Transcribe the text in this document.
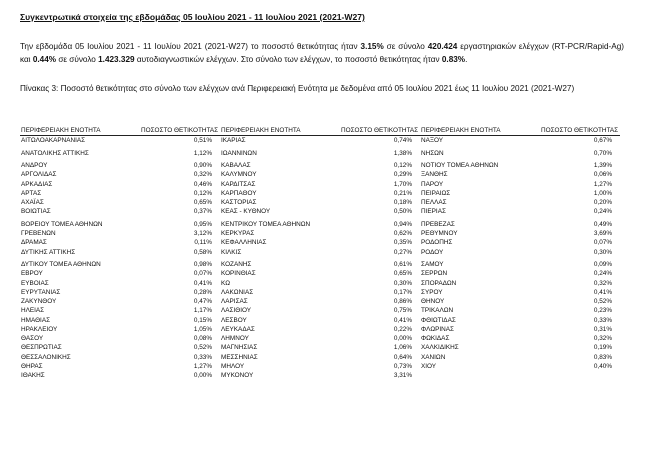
Συγκεντρωτικά στοιχεία της εβδομάδας 05 Ιουλίου 2021 - 11 Ιουλίου 2021 (2021-W27)
Την εβδομάδα 05 Ιουλίου 2021 - 11 Ιουλίου 2021 (2021-W27) το ποσοστό θετικότητας ήταν 3.15% σε σύνολο 420.424 εργαστηριακών ελέγχων (RT-PCR/Rapid-Ag) και 0.44% σε σύνολο 1.423.329 αυτοδιαγνωστικών ελέγχων. Στο σύνολο των ελέγχων, το ποσοστό θετικότητας ήταν 0.83%.
Πίνακας 3: Ποσοστό θετικότητας στο σύνολο των ελέγχων ανά Περιφερειακή Ενότητα με δεδομένα από 05 Ιουλίου 2021 έως 11 Ιουλίου 2021 (2021-W27)
ΠΕΡΙΦΕΡΕΙΑΚΗ ΕΝΟΤΗΤΑ	ΠΟΣΟΣΤΟ ΘΕΤΙΚΟΤΗΤΑΣ	ΠΕΡΙΦΕΡΕΙΑΚΗ ΕΝΟΤΗΤΑ	ΠΟΣΟΣΤΟ ΘΕΤΙΚΟΤΗΤΑΣ	ΠΕΡΙΦΕΡΕΙΑΚΗ ΕΝΟΤΗΤΑ	ΠΟΣΟΣΤΟ ΘΕΤΙΚΟΤΗΤΑΣ
ΑΙΤΩΛΟΑΚΑΡΝΑΝΙΑΣ	0,51%	ΙΚΑΡΙΑΣ	0,74%	ΝΑΞΟΥ	0,67%

ΑΝΑΤΟΛΙΚΗΣ ΑΤΤΙΚΗΣ	1,12%	ΙΩΑΝΝΙΝΩΝ	1,38%	ΝΗΣΩΝ	0,70%

ΑΝΔΡΟΥ	0,90%	ΚΑΒΑΛΑΣ	0,12%	ΝΟΤΙΟΥ ΤΟΜΕΑ ΑΘΗΝΩΝ	1,39%
ΑΡΓΟΛΙΔΑΣ	0,32%	ΚΑΛΥΜΝΟΥ	0,29%	ΞΑΝΘΗΣ	0,06%
ΑΡΚΑΔΙΑΣ	0,46%	ΚΑΡΔΙΤΣΑΣ	1,70%	ΠΑΡΟΥ	1,27%
ΑΡΤΑΣ	0,12%	ΚΑΡΠΑΘΟΥ	0,21%	ΠΕΙΡΑΙΩΣ	1,00%
ΑΧΑΪΑΣ	0,65%	ΚΑΣΤΟΡΙΑΣ	0,18%	ΠΕΛΛΑΣ	0,20%
ΒΟΙΩΤΙΑΣ	0,37%	ΚΕΑΣ - ΚΥΘΝΟΥ	0,50%	ΠΙΕΡΙΑΣ	0,24%

ΒΟΡΕΙΟΥ ΤΟΜΕΑ ΑΘΗΝΩΝ	0,95%	ΚΕΝΤΡΙΚΟΥ ΤΟΜΕΑ ΑΘΗΝΩΝ	0,94%	ΠΡΕΒΕΖΑΣ	0,49%
ΓΡΕΒΕΝΩΝ	3,12%	ΚΕΡΚΥΡΑΣ	0,62%	ΡΕΘΥΜΝΟΥ	3,69%
ΔΡΑΜΑΣ	0,11%	ΚΕΦΑΛΛΗΝΙΑΣ	0,35%	ΡΟΔΟΠΗΣ	0,07%
ΔΥΤΙΚΗΣ ΑΤΤΙΚΗΣ	0,58%	ΚΙΛΚΙΣ	0,27%	ΡΟΔΟΥ	0,30%

ΔΥΤΙΚΟΥ ΤΟΜΕΑ ΑΘΗΝΩΝ	0,98%	ΚΟΖΑΝΗΣ	0,61%	ΣΑΜΟΥ	0,09%
ΕΒΡΟΥ	0,07%	ΚΟΡΙΝΘΙΑΣ	0,65%	ΣΕΡΡΩΝ	0,24%
ΕΥΒΟΙΑΣ	0,41%	ΚΩ	0,30%	ΣΠΟΡΑΔΩΝ	0,32%
ΕΥΡΥΤΑΝΙΑΣ	0,28%	ΛΑΚΩΝΙΑΣ	0,17%	ΣΥΡΟΥ	0,41%
ΖΑΚΥΝΘΟΥ	0,47%	ΛΑΡΙΣΑΣ	0,86%	ΘΗΝΟΥ	0,52%
ΗΛΕΙΑΣ	1,17%	ΛΑΣΙΘΙΟΥ	0,75%	ΤΡΙΚΑΛΩΝ	0,23%
ΗΜΑΘΙΑΣ	0,15%	ΛΕΣΒΟΥ	0,41%	ΦΘΙΩΤΙΔΑΣ	0,33%
ΗΡΑΚΛΕΙΟΥ	1,05%	ΛΕΥΚΑΔΑΣ	0,22%	ΦΛΩΡΙΝΑΣ	0,31%
ΘΑΣΟΥ	0,08%	ΛΗΜΝΟΥ	0,00%	ΦΩΚΙΔΑΣ	0,32%
ΘΕΣΠΡΩΤΙΑΣ	0,52%	ΜΑΓΝΗΣΙΑΣ	1,06%	ΧΑΛΚΙΔΙΚΗΣ	0,19%
ΘΕΣΣΑΛΟΝΙΚΗΣ	0,33%	ΜΕΣΣΗΝΙΑΣ	0,64%	ΧΑΝΙΩΝ	0,83%
ΘΗΡΑΣ	1,27%	ΜΗΛΟΥ	0,73%	ΧΙΟΥ	0,40%
ΙΘΑΚΗΣ	0,00%	ΜΥΚΟΝΟΥ	3,31%		
